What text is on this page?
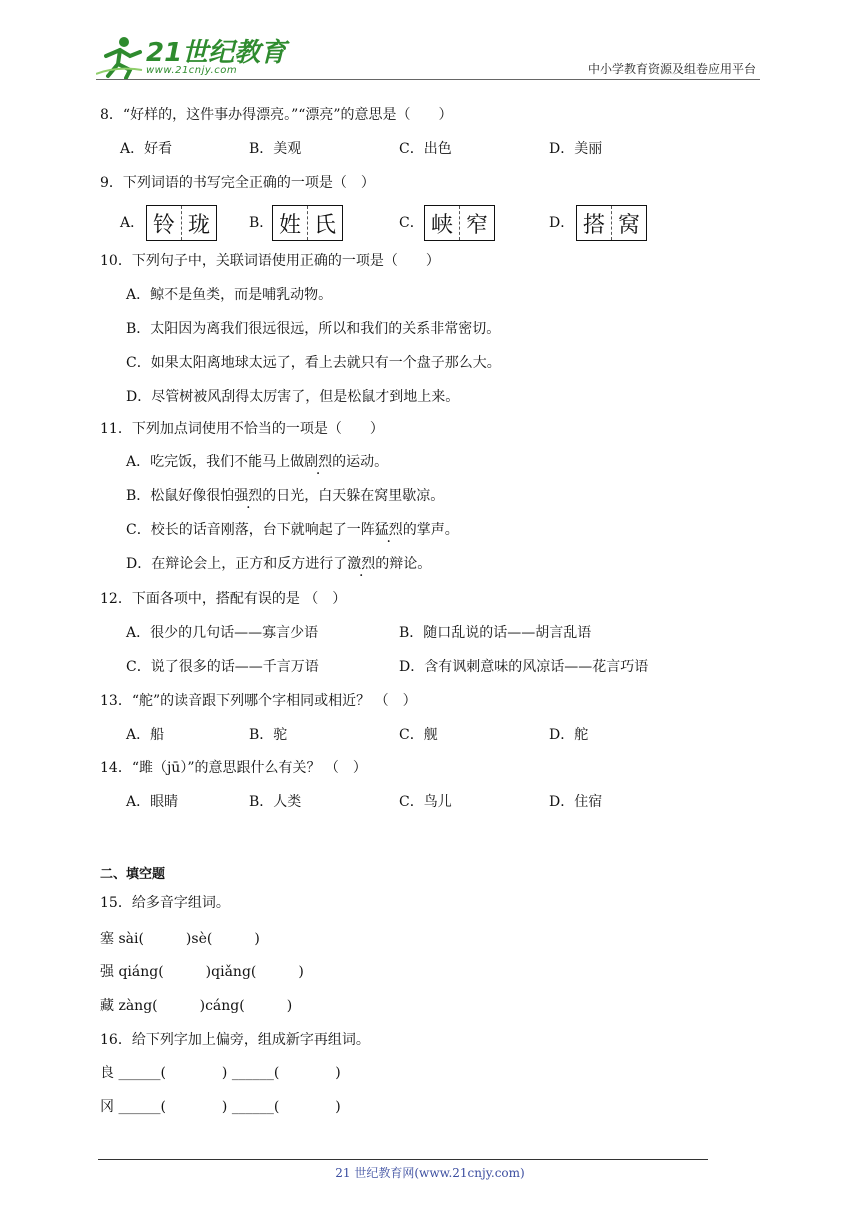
21世纪教育
www.21cnjy.com	中小学教育资源及组卷应用平台
8．“好样的，这件事办得漂亮。”“漂亮”的意思是（　　）
A．好看	B．美观	C．出色	D．美丽
9．下列词语的书写完全正确的一项是（　）
A． 铃 珑	B． 姓 氏	C． 峡 窄	D． 搭 窝
10．下列句子中，关联词语使用正确的一项是（　　）
A．鲸不是鱼类，而是哺乳动物。
B．太阳因为离我们很远很远，所以和我们的关系非常密切。
C．如果太阳离地球太远了，看上去就只有一个盘子那么大。
D．尽管树被风刮得太厉害了，但是松鼠才到地上来。
11．下列加点词使用不恰当的一项是（　　）
A．吃完饭，我们不能马上做剧烈的运动。
B．松鼠好像很怕强烈的日光，白天躲在窝里歇凉。
C．校长的话音刚落，台下就响起了一阵猛烈的掌声。
D．在辩论会上，正方和反方进行了激烈的辩论。
12．下面各项中，搭配有误的是 （　）
A．很少的几句话——寡言少语	B．随口乱说的话——胡言乱语
C．说了很多的话——千言万语	D．含有讽刺意味的风凉话——花言巧语
13．“舵”的读音跟下列哪个字相同或相近？ （　）
A．船	B．驼	C．舰	D．舵
14．“雎（jū）”的意思跟什么有关？ （　）
A．眼睛	B．人类	C．鸟儿	D．住宿
二、填空题
15．给多音字组词。
塞 sài(　　　)sè(　　　)
强 qiáng(　　　)qiǎng(　　　)
藏 zàng(　　　)cáng(　　　)
16．给下列字加上偏旁，组成新字再组词。
良 ______(　　　　) ______(　　　　)
冈 ______(　　　　) ______(　　　　)
21 世纪教育网(www.21cnjy.com)
